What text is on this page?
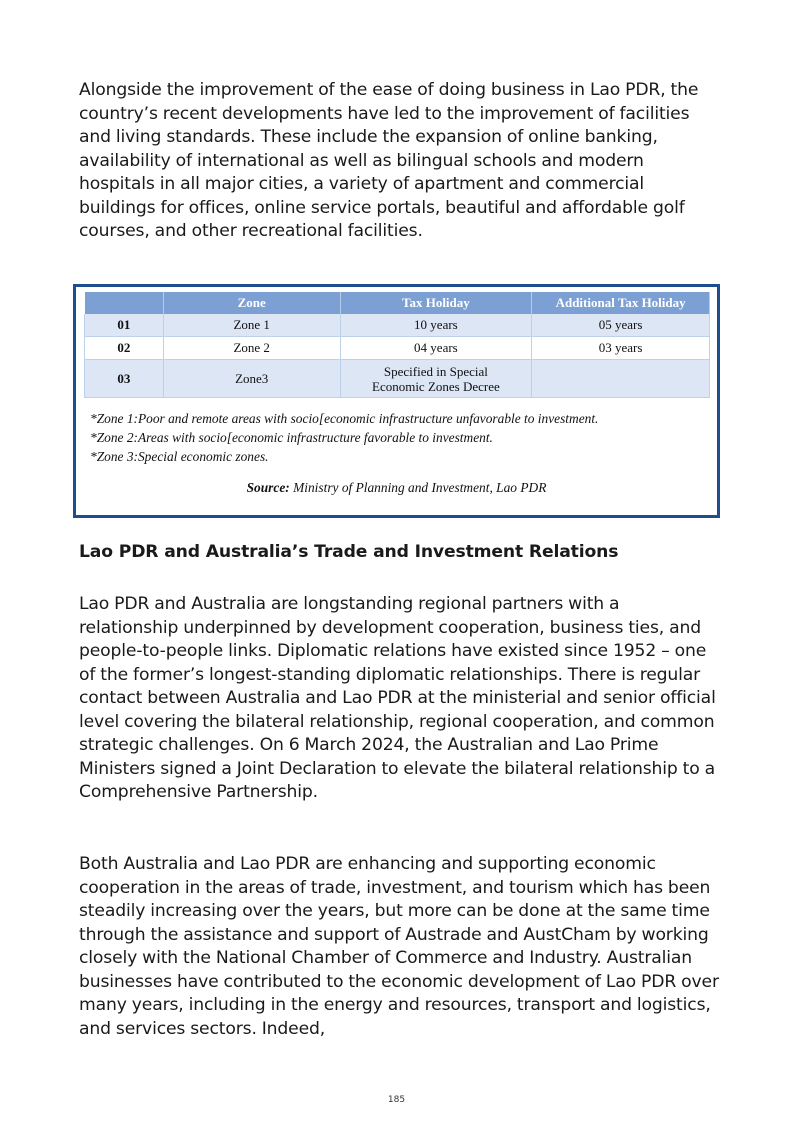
Alongside the improvement of the ease of doing business in Lao PDR, the country’s recent developments have led to the improvement of facilities and living standards. These include the expansion of online banking, availability of international as well as bilingual schools and modern hospitals in all major cities, a variety of apartment and commercial buildings for offices, online service portals, beautiful and affordable golf courses, and other recreational facilities.

	Zone	Tax Holiday	Additional Tax Holiday
01	Zone 1	10 years	05 years
02	Zone 2	04 years	03 years
03	Zone3	Specified in Special
Economic Zones Decree	

*Zone 1:Poor and remote areas with socio[economic infrastructure unfavorable to investment.
*Zone 2:Areas with socio[economic infrastructure favorable to investment.
*Zone 3:Special economic zones.
Source: Ministry of Planning and Investment, Lao PDR
Lao PDR and Australia’s Trade and Investment Relations

Lao PDR and Australia are longstanding regional partners with a relationship underpinned by development cooperation, business ties, and people-to-people links. Diplomatic relations have existed since 1952 – one of the former’s longest-standing diplomatic relationships. There is regular contact between Australia and Lao PDR at the ministerial and senior official level covering the bilateral relationship, regional cooperation, and common strategic challenges. On 6 March 2024, the Australian and Lao Prime Ministers signed a Joint Declaration to elevate the bilateral relationship to a Comprehensive Partnership.

Both Australia and Lao PDR are enhancing and supporting economic cooperation in the areas of trade, investment, and tourism which has been steadily increasing over the years, but more can be done at the same time through the assistance and support of Austrade and AustCham by working closely with the National Chamber of Commerce and Industry. Australian businesses have contributed to the economic development of Lao PDR over many years, including in the energy and resources, transport and logistics, and services sectors. Indeed,

185
